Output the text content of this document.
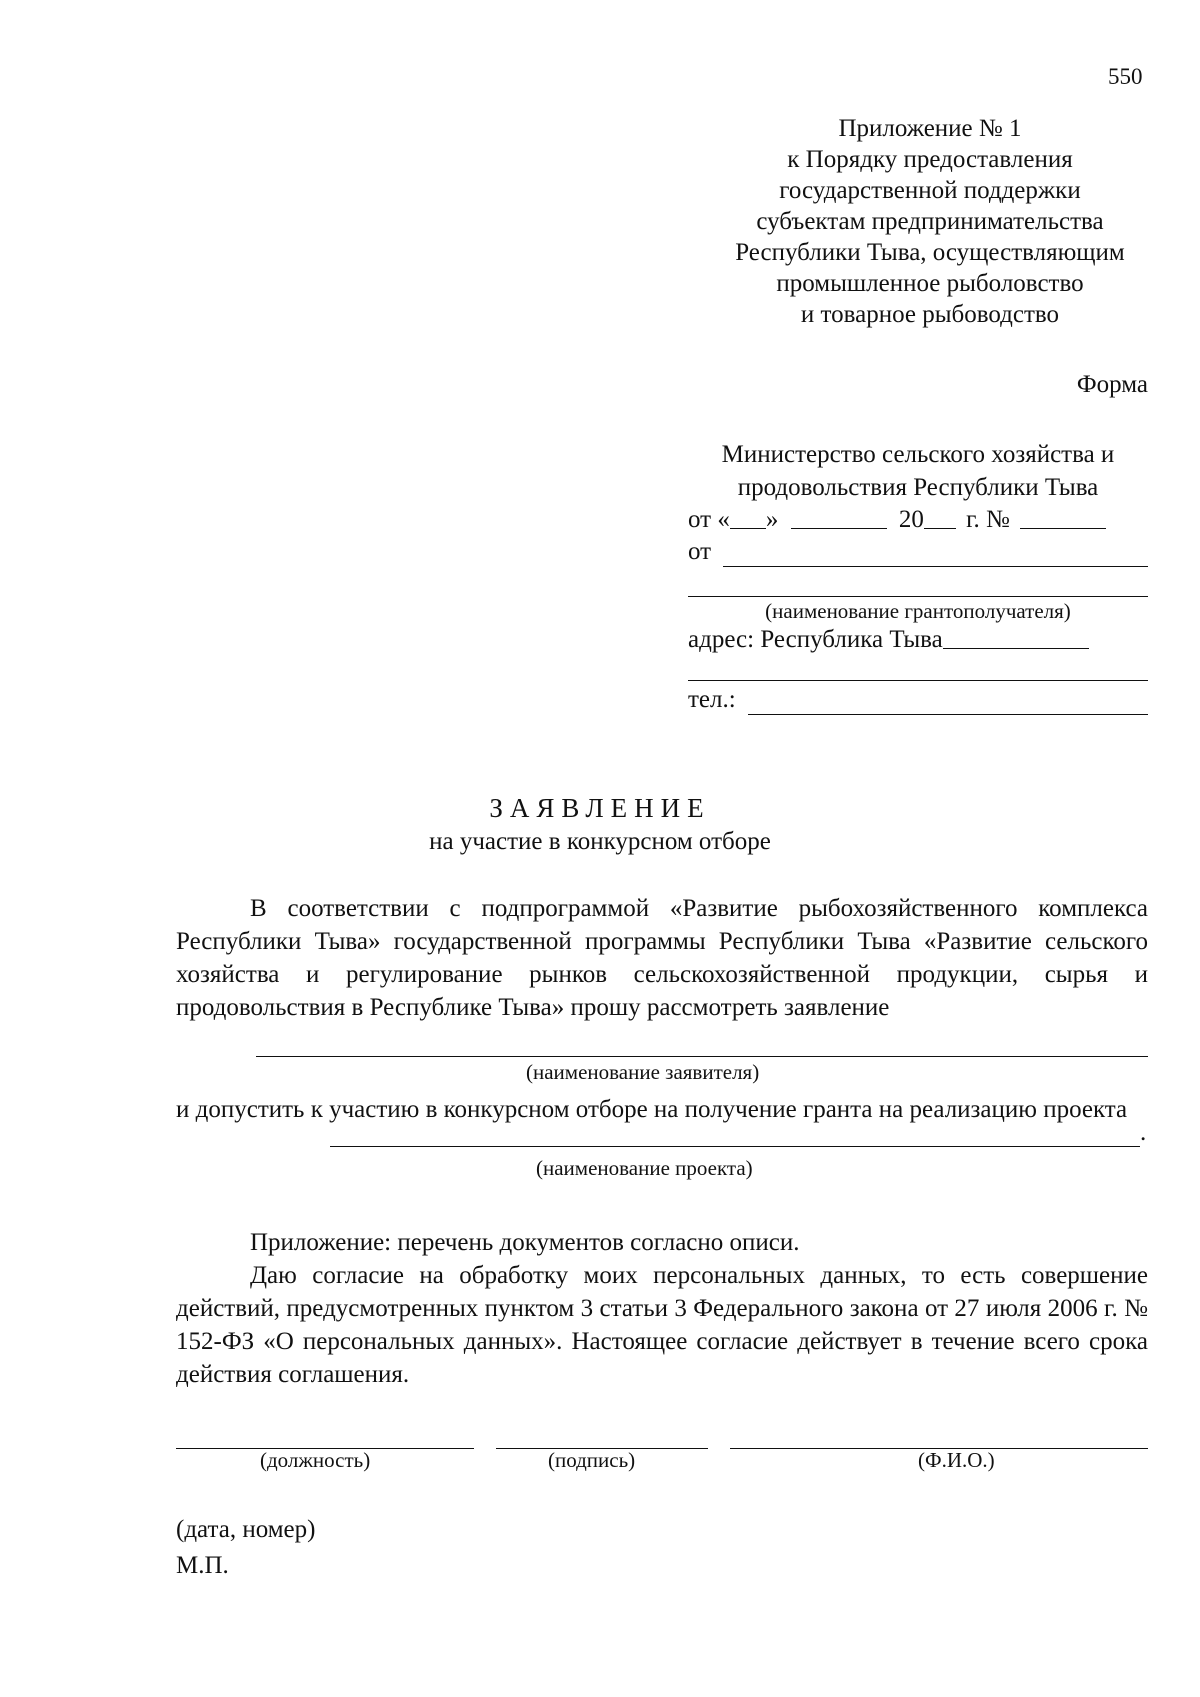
550
Приложение № 1
к Порядку предоставления
государственной поддержки
субъектам предпринимательства
Республики Тыва, осуществляющим
промышленное рыболовство
и товарное рыбоводство
Форма
Министерство сельского хозяйства и
продовольствия Республики Тыва
от « »	20 г. №
от
(наименование грантополучателя)
адрес: Республика Тыва
тел.:
ЗАЯВЛЕНИЕ
на участие в конкурсном отборе

В соответствии с подпрограммой «Развитие рыбохозяйственного комплекса Республики Тыва» государственной программы Республики Тыва «Развитие сельского хозяйства и регулирование рынков сельскохозяйственной продукции, сырья и продовольствия в Республике Тыва» прошу рассмотреть заявление

(наименование заявителя)

и допустить к участию в конкурсном отборе на получение гранта на реализацию проекта

.
(наименование проекта)

Приложение: перечень документов согласно описи.

Даю согласие на обработку моих персональных данных, то есть совершение действий, предусмотренных пунктом 3 статьи 3 Федерального закона от 27 июля 2006 г. № 152-ФЗ «О персональных данных». Настоящее согласие действует в течение всего срока действия соглашения.

(должность)	(подпись)	(Ф.И.О.)
(дата, номер)
М.П.
